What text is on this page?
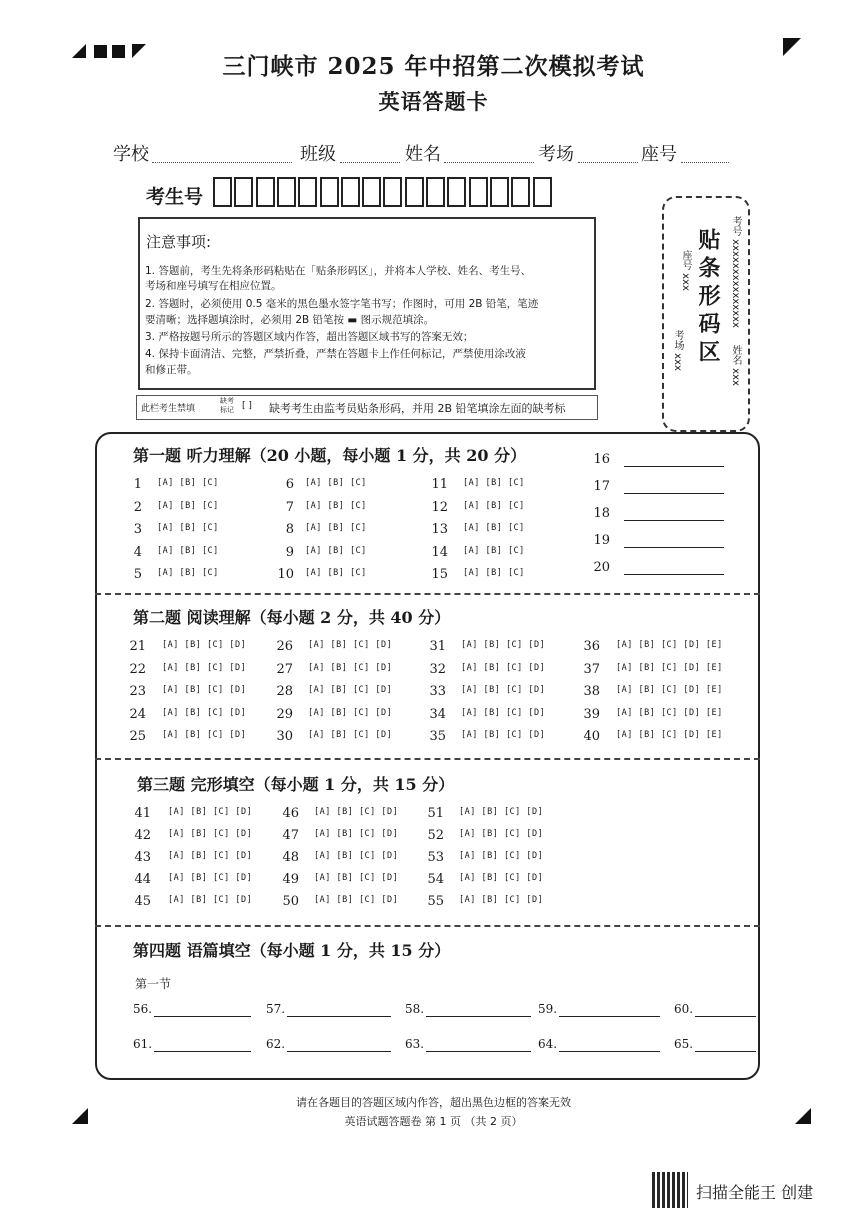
三门峡市 2025 年中招第二次模拟考试
英语答题卡
学校	班级	姓名	考场	座号
考生号
注意事项:
1. 答题前，考生先将条形码粘贴在「贴条形码区」，并将本人学校、姓名、考生号、
考场和座号填写在相应位置。
2. 答题时，必须使用 0.5 毫米的黑色墨水签字笔书写；作图时，可用 2B 铅笔，笔迹
要清晰；选择题填涂时，必须用 2B 铅笔按 ▬ 图示规范填涂。
3. 严格按题号所示的答题区域内作答，超出答题区域书写的答案无效；
4. 保持卡面清洁、完整，严禁折叠，严禁在答题卡上作任何标记，严禁使用涂改液
和修正带。
此栏考生禁填
缺考标记 [ ] 缺考考生由监考员贴条形码，并用 2B 铅笔填涂左面的缺考标
贴条形码区
座号 xxx
考场 xxx
考号 xxxxxxxxxxxxxxx
姓名 xxx
第一题 听力理解（20 小题，每小题 1 分，共 20 分）
第二题 阅读理解（每小题 2 分，共 40 分）
第三题 完形填空（每小题 1 分，共 15 分）
第四题 语篇填空（每小题 1 分，共 15 分）
第一节
1 [A] [B] [C]
2 [A] [B] [C]
3 [A] [B] [C]
4 [A] [B] [C]
5 [A] [B] [C]
6 [A] [B] [C]
7 [A] [B] [C]
8 [A] [B] [C]
9 [A] [B] [C]
10 [A] [B] [C]
11 [A] [B] [C]
12 [A] [B] [C]
13 [A] [B] [C]
14 [A] [B] [C]
15 [A] [B] [C]
16
17
18
19
20
21 [A] [B] [C] [D]
22 [A] [B] [C] [D]
23 [A] [B] [C] [D]
24 [A] [B] [C] [D]
25 [A] [B] [C] [D]
26 [A] [B] [C] [D]
27 [A] [B] [C] [D]
28 [A] [B] [C] [D]
29 [A] [B] [C] [D]
30 [A] [B] [C] [D]
31 [A] [B] [C] [D]
32 [A] [B] [C] [D]
33 [A] [B] [C] [D]
34 [A] [B] [C] [D]
35 [A] [B] [C] [D]
36 [A] [B] [C] [D] [E]
37 [A] [B] [C] [D] [E]
38 [A] [B] [C] [D] [E]
39 [A] [B] [C] [D] [E]
40 [A] [B] [C] [D] [E]
41 [A] [B] [C] [D]
42 [A] [B] [C] [D]
43 [A] [B] [C] [D]
44 [A] [B] [C] [D]
45 [A] [B] [C] [D]
46 [A] [B] [C] [D]
47 [A] [B] [C] [D]
48 [A] [B] [C] [D]
49 [A] [B] [C] [D]
50 [A] [B] [C] [D]
51 [A] [B] [C] [D]
52 [A] [B] [C] [D]
53 [A] [B] [C] [D]
54 [A] [B] [C] [D]
55 [A] [B] [C] [D]
56.	57.	58.	59.	60.
61.	62.	63.	64.	65.
请在各题目的答题区域内作答，超出黑色边框的答案无效
英语试题答题卷 第 1 页 （共 2 页）
扫描全能王 创建
